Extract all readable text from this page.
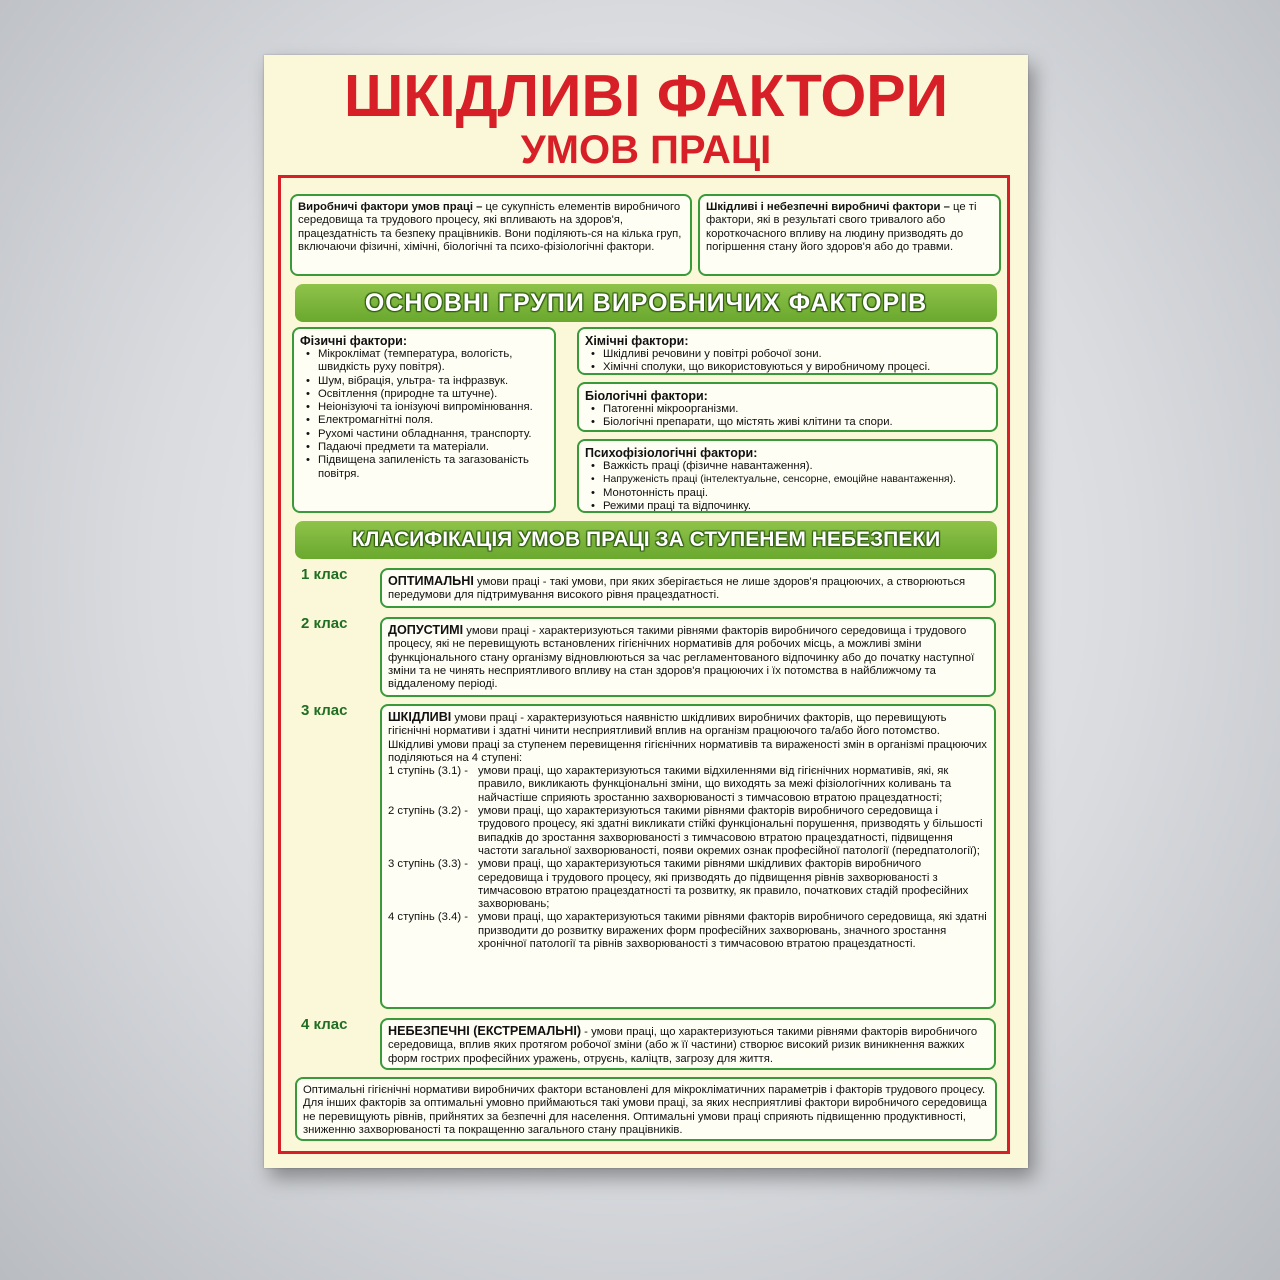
ШКІДЛИВІ ФАКТОРИ
УМОВ ПРАЦІ
Виробничі фактори умов праці – це сукупність елементів виробничого середовища та трудового процесу, які впливають на здоров'я, працездатність та безпеку працівників. Вони поділяють-ся на кілька груп, включаючи фізичні, хімічні, біологічні та психо-фізіологічні фактори.
Шкідливі і небезпечні виробничі фактори – це ті фактори, які в результаті свого тривалого або короткочасного впливу на людину призводять до погіршення стану його здоров'я або до травми.
ОСНОВНІ ГРУПИ ВИРОБНИЧИХ ФАКТОРІВ
Фізичні фактори:
• Мікроклімат (температура, вологість, швидкість руху повітря).
• Шум, вібрація, ультра- та інфразвук.
• Освітлення (природне та штучне).
• Неіонізуючі та іонізуючі випромінювання.
• Електромагнітні поля.
• Рухомі частини обладнання, транспорту.
• Падаючі предмети та матеріали.
• Підвищена запиленість та загазованість повітря.
Хімічні фактори:
• Шкідливі речовини у повітрі робочої зони.
• Хімічні сполуки, що використовуються у виробничому процесі.
Біологічні фактори:
• Патогенні мікроорганізми.
• Біологічні препарати, що містять живі клітини та спори.
Психофізіологічні фактори:
• Важкість праці (фізичне навантаження).
• Напруженість праці (інтелектуальне, сенсорне, емоційне навантаження).
• Монотонність праці.
• Режими праці та відпочинку.
КЛАСИФІКАЦІЯ УМОВ ПРАЦІ ЗА СТУПЕНЕМ НЕБЕЗПЕКИ
1 клас	ОПТИМАЛЬНІ умови праці - такі умови, при яких зберігається не лише здоров'я працюючих, а створюються передумови для підтримування високого рівня працездатності.
2 клас	ДОПУСТИМІ умови праці - характеризуються такими рівнями факторів виробничого середовища і трудового процесу, які не перевищують встановлених гігієнічних нормативів для робочих місць, а можливі зміни функціонального стану організму відновлюються за час регламентованого відпочинку або до початку наступної зміни та не чинять несприятливого впливу на стан здоров'я працюючих і їх потомства в найближчому та віддаленому періоді.
3 клас	ШКІДЛИВІ умови праці - характеризуються наявністю шкідливих виробничих факторів, що перевищують гігієнічні нормативи і здатні чинити несприятливий вплив на організм працюючого та/або його потомство.
Шкідливі умови праці за ступенем перевищення гігієнічних нормативів та вираженості змін в організмі працюючих поділяються на 4 ступені:
1 ступінь (3.1) - умови праці, що характеризуються такими відхиленнями від гігієнічних нормативів, які, як правило, викликають функціональні зміни, що виходять за межі фізіологічних коливань та найчастіше сприяють зростанню захворюваності з тимчасовою втратою працездатності;
2 ступінь (3.2) - умови праці, що характеризуються такими рівнями факторів виробничого середовища і трудового процесу, які здатні викликати стійкі функціональні порушення, призводять у більшості випадків до зростання захворюваності з тимчасовою втратою працездатності, підвищення частоти загальної захворюваності, появи окремих ознак професійної патології (передпатології);
3 ступінь (3.3) - умови праці, що характеризуються такими рівнями шкідливих факторів виробничого середовища і трудового процесу, які призводять до підвищення рівнів захворюваності з тимчасовою втратою працездатності та розвитку, як правило, початкових стадій професійних захворювань;
4 ступінь (3.4) - умови праці, що характеризуються такими рівнями факторів виробничого середовища, які здатні призводити до розвитку виражених форм професійних захворювань, значного зростання хронічної патології та рівнів захворюваності з тимчасовою втратою працездатності.
4 клас	НЕБЕЗПЕЧНІ (ЕКСТРЕМАЛЬНІ) - умови праці, що характеризуються такими рівнями факторів виробничого середовища, вплив яких протягом робочої зміни (або ж її частини) створює високий ризик виникнення важких форм гострих професійних уражень, отруєнь, каліцтв, загрозу для життя.
Оптимальні гігієнічні нормативи виробничих фактори встановлені для мікрокліматичних параметрів і факторів трудового процесу. Для інших факторів за оптимальні умовно приймаються такі умови праці, за яких несприятливі фактори виробничого середовища не перевищують рівнів, прийнятих за безпечні для населення. Оптимальні умови праці сприяють підвищенню продуктивності, зниженню захворюваності та покращенню загального стану працівників.
